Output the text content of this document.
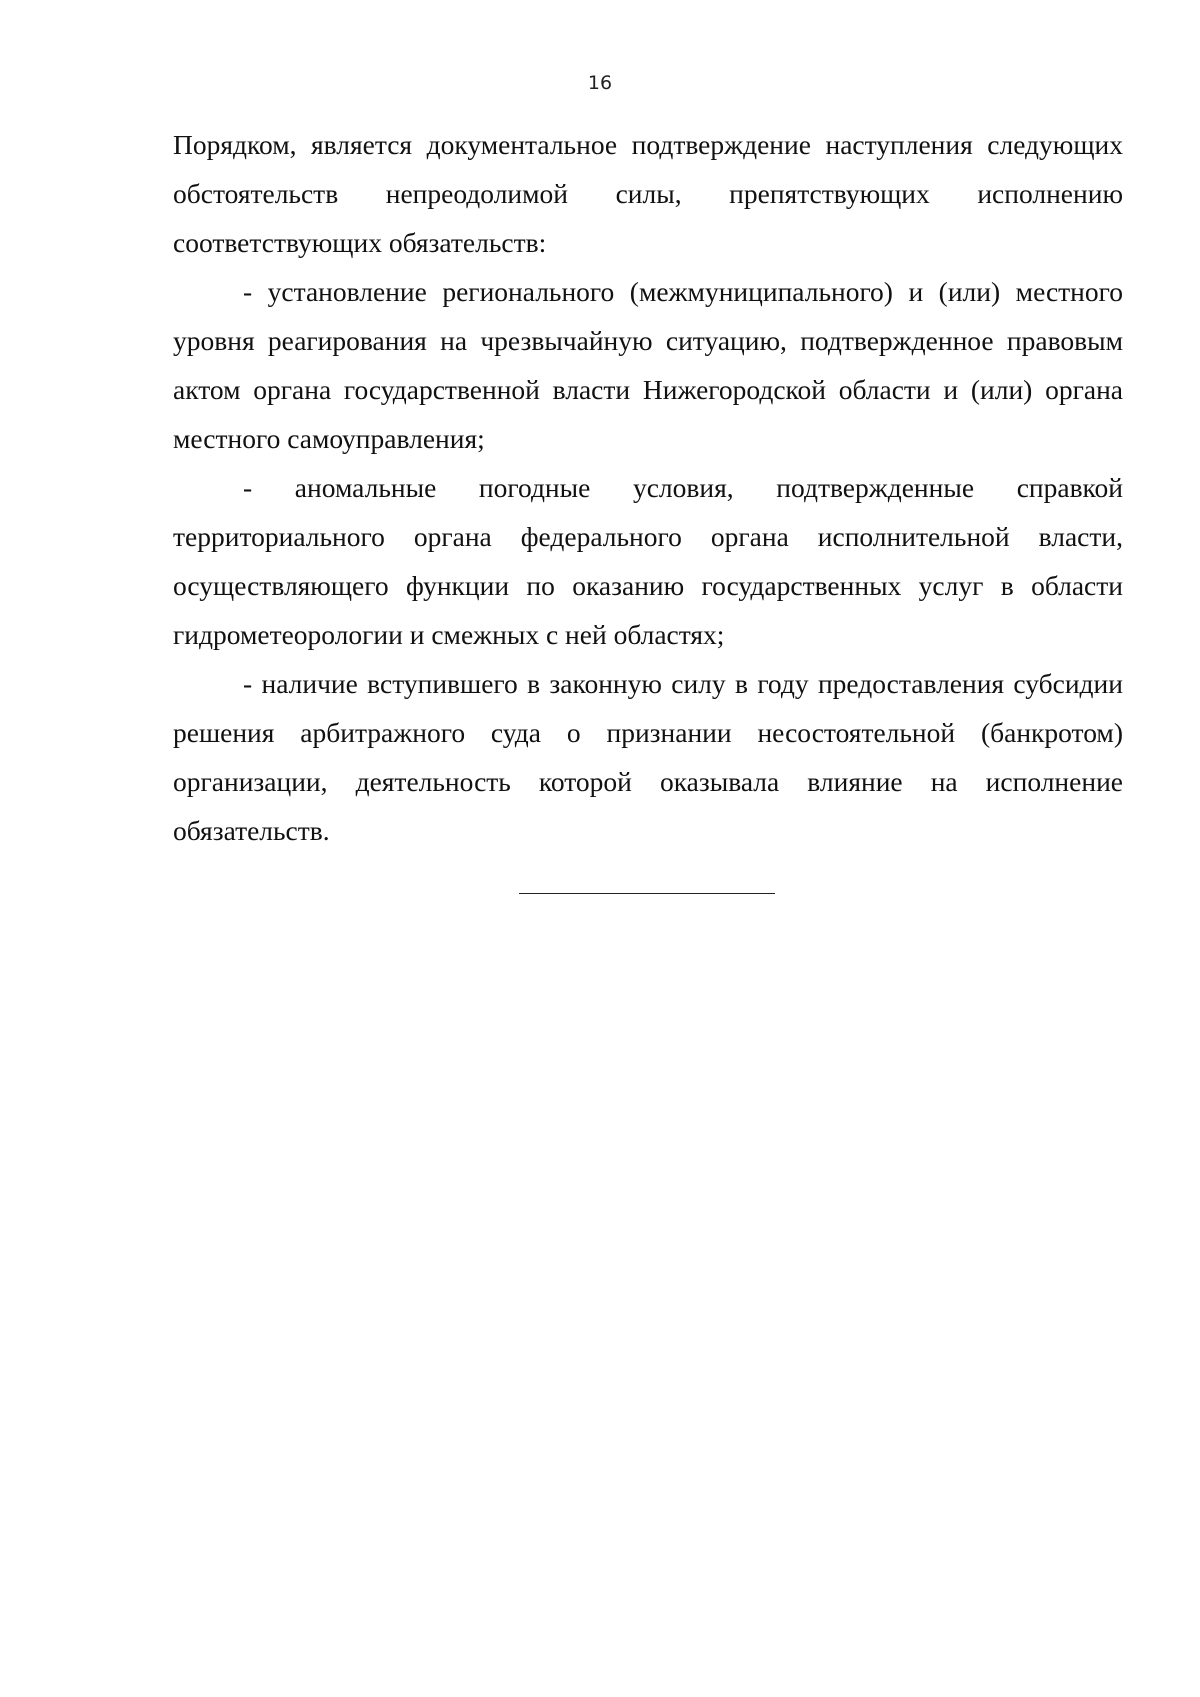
16

Порядком, является документальное подтверждение наступления следующих обстоятельств непреодолимой силы, препятствующих исполнению соответствующих обязательств:

- установление регионального (межмуниципального) и (или) местного уровня реагирования на чрезвычайную ситуацию, подтвержденное правовым актом органа государственной власти Нижегородской области и (или) органа местного самоуправления;

- аномальные погодные условия, подтвержденные справкой территориального органа федерального органа исполнительной власти, осуществляющего функции по оказанию государственных услуг в области гидрометеорологии и смежных с ней областях;

- наличие вступившего в законную силу в году предоставления субсидии решения арбитражного суда о признании несостоятельной (банкротом) организации, деятельность которой оказывала влияние на исполнение обязательств.
